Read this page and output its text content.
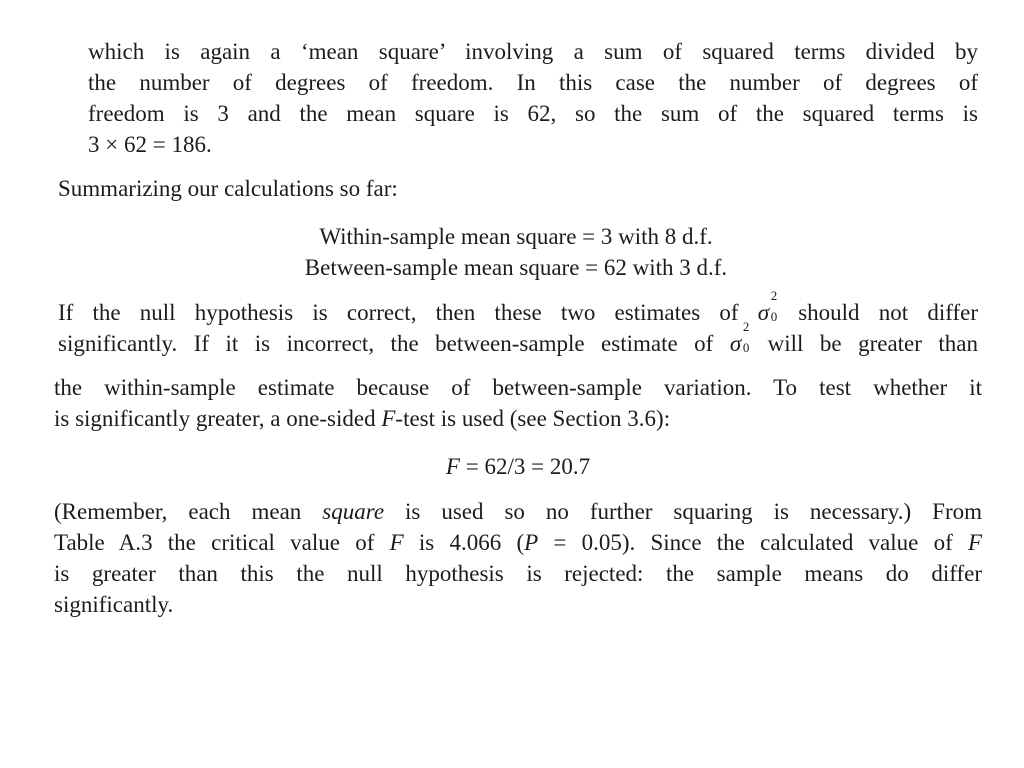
which is again a ‘mean square’ involving a sum of squared terms divided by
the number of degrees of freedom. In this case the number of degrees of
freedom is 3 and the mean square is 62, so the sum of the squared terms is
3 × 62 = 186.
Summarizing our calculations so far:
Within-sample mean square = 3 with 8 d.f.
Between-sample mean square = 62 with 3 d.f.
If the null hypothesis is correct, then these two estimates of σ
2
0 should not differ
significantly. If it is incorrect, the between-sample estimate of σ
2
0 will be greater than
the within-sample estimate because of between-sample variation. To test whether it
is significantly greater, a one-sided F-test is used (see Section 3.6):
F = 62/3 = 20.7
(Remember, each mean square is used so no further squaring is necessary.) From
Table A.3 the critical value of F is 4.066 (P = 0.05). Since the calculated value of F
is greater than this the null hypothesis is rejected: the sample means do differ
significantly.
